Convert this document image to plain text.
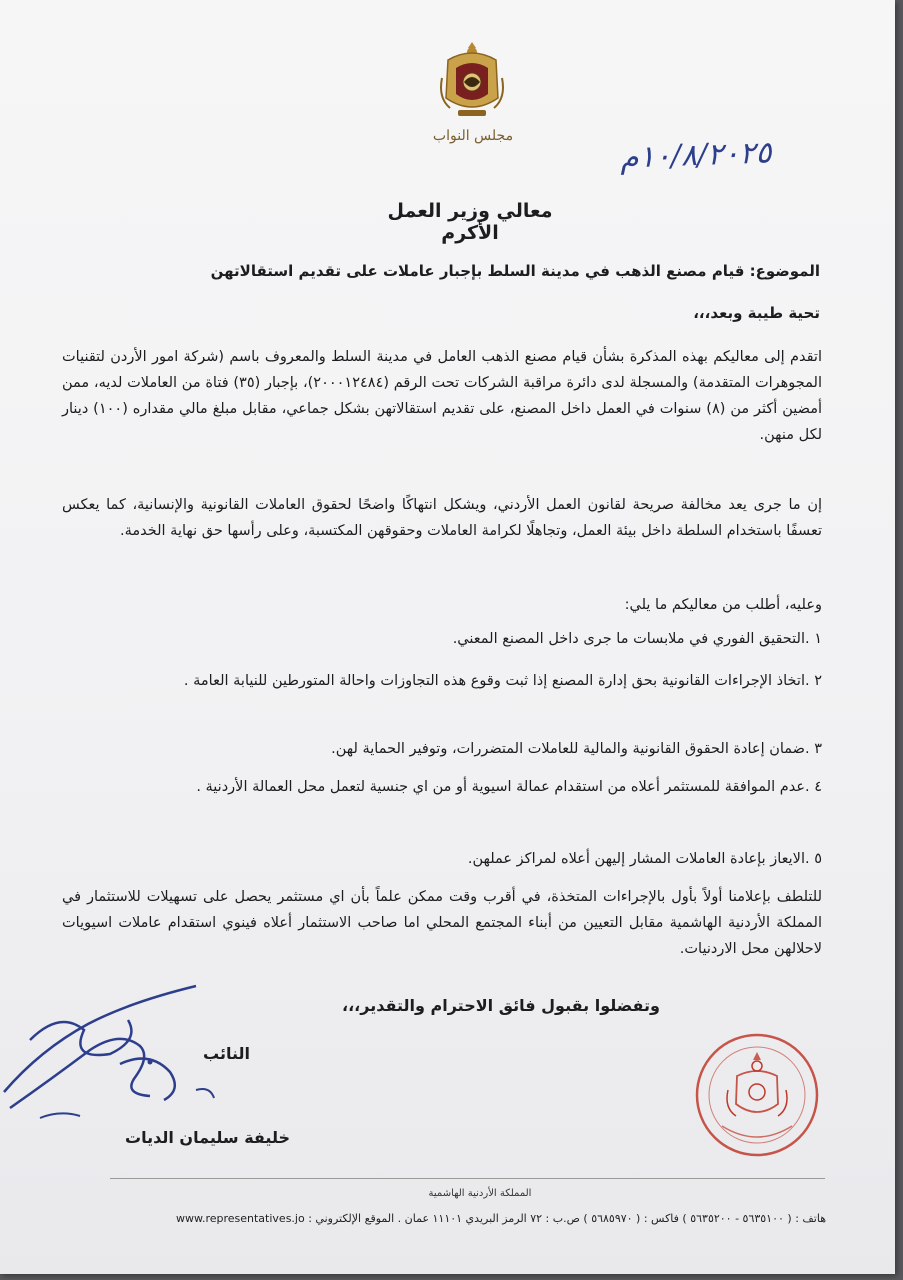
مجلس النواب
١٠/٨/٢٠٢٥م
معالي وزير العمل الأكرم
الموضوع: قيام مصنع الذهب في مدينة السلط بإجبار عاملات على تقديم استقالاتهن
تحية طيبة وبعد،،،
اتقدم إلى معاليكم بهذه المذكرة بشأن قيام مصنع الذهب العامل في مدينة السلط والمعروف باسم (شركة امور الأردن لتقنيات المجوهرات المتقدمة) والمسجلة لدى دائرة مراقبة الشركات تحت الرقم (٢٠٠٠١٢٤٨٤)، بإجبار (٣٥) فتاة من العاملات لديه، ممن أمضين أكثر من (٨) سنوات في العمل داخل المصنع، على تقديم استقالاتهن بشكل جماعي، مقابل مبلغ مالي مقداره (١٠٠) دينار لكل منهن.
إن ما جرى يعد مخالفة صريحة لقانون العمل الأردني، ويشكل انتهاكًا واضحًا لحقوق العاملات القانونية والإنسانية، كما يعكس تعسفًا باستخدام السلطة داخل بيئة العمل، وتجاهلًا لكرامة العاملات وحقوقهن المكتسبة، وعلى رأسها حق نهاية الخدمة.
وعليه، أطلب من معاليكم ما يلي:
١ .التحقيق الفوري في ملابسات ما جرى داخل المصنع المعني.
٢ .اتخاذ الإجراءات القانونية بحق إدارة المصنع إذا ثبت وقوع هذه التجاوزات واحالة المتورطين للنيابة العامة .
٣ .ضمان إعادة الحقوق القانونية والمالية للعاملات المتضررات، وتوفير الحماية لهن.
٤ .عدم الموافقة للمستثمر أعلاه من استقدام عمالة اسيوية أو من اي جنسية لتعمل محل العمالة الأردنية .
٥ .الايعاز بإعادة العاملات المشار إليهن أعلاه لمراكز عملهن.
للتلطف بإعلامنا أولاً بأول بالإجراءات المتخذة، في أقرب وقت ممكن علماً بأن اي مستثمر يحصل على تسهيلات للاستثمار في المملكة الأردنية الهاشمية مقابل التعيين من أبناء المجتمع المحلي اما صاحب الاستثمار أعلاه فينوي استقدام عاملات اسيويات لاحلالهن محل الاردنيات.
وتفضلوا بقبول فائق الاحترام والتقدير،،،
النائب
خليفة سليمان الديات
المملكة الأردنية الهاشمية
هاتف : ( ٥٦٣٥١٠٠ - ٥٦٣٥٢٠٠ ) فاكس : ( ٥٦٨٥٩٧٠ ) ص.ب : ٧٢ الرمز البريدي ١١١٠١ عمان . الموقع الإلكتروني : www.representatives.jo
